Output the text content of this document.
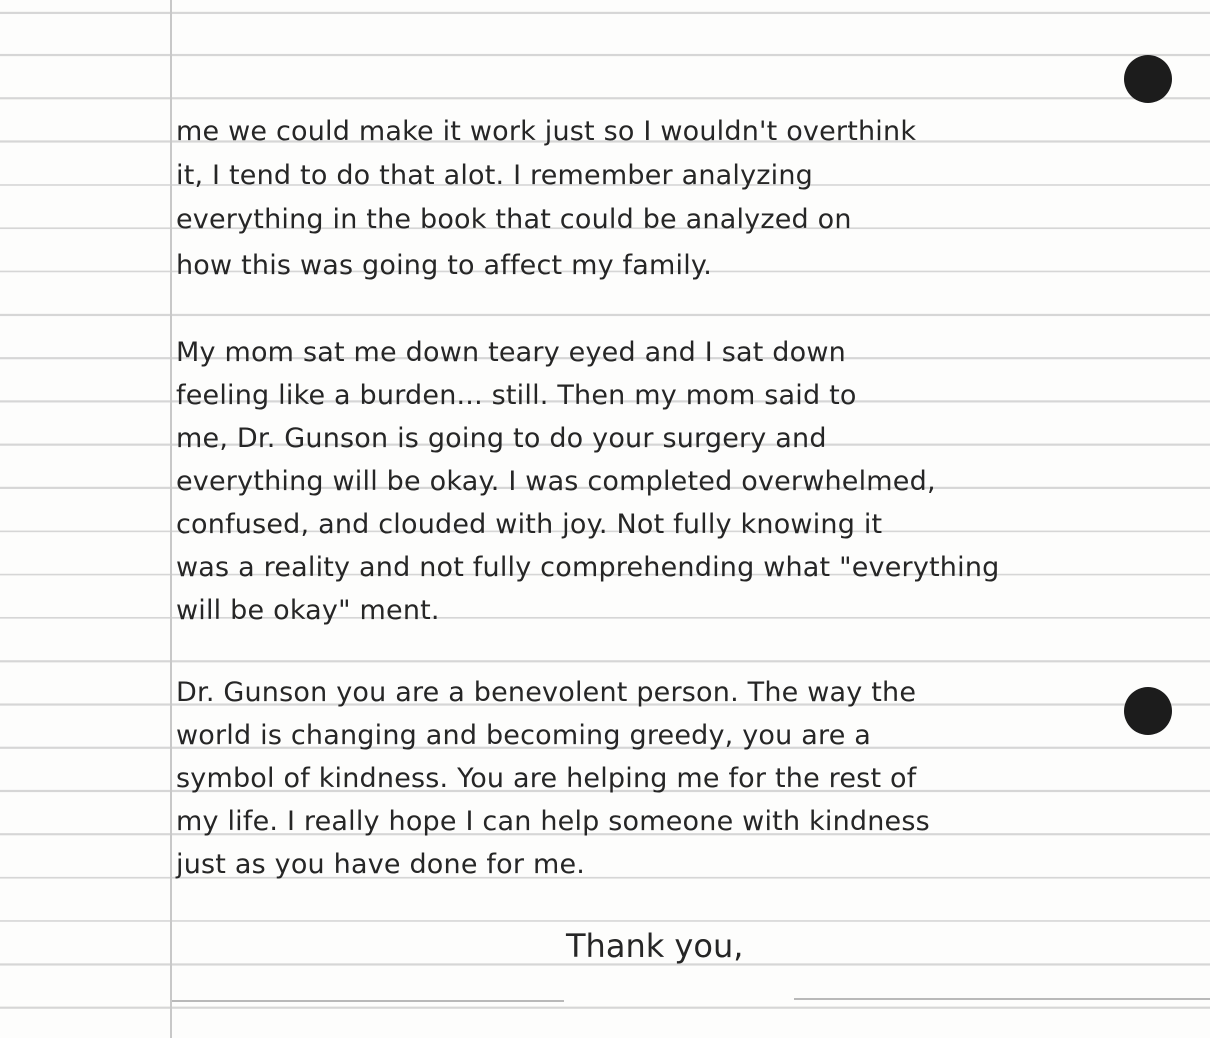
me we could make it work just so I wouldn't overthink
it, I tend to do that alot. I remember analyzing
everything in the book that could be analyzed on
how this was going to affect my family.
My mom sat me down teary eyed and I sat down
feeling like a burden... still. Then my mom said to
me, Dr. Gunson is going to do your surgery and
everything will be okay. I was completed overwhelmed,
confused, and clouded with joy. Not fully knowing it
was a reality and not fully comprehending what "everything
will be okay" ment.
Dr. Gunson you are a benevolent person. The way the
world is changing and becoming greedy, you are a
symbol of kindness. You are helping me for the rest of
my life. I really hope I can help someone with kindness
just as you have done for me.
Thank you,
